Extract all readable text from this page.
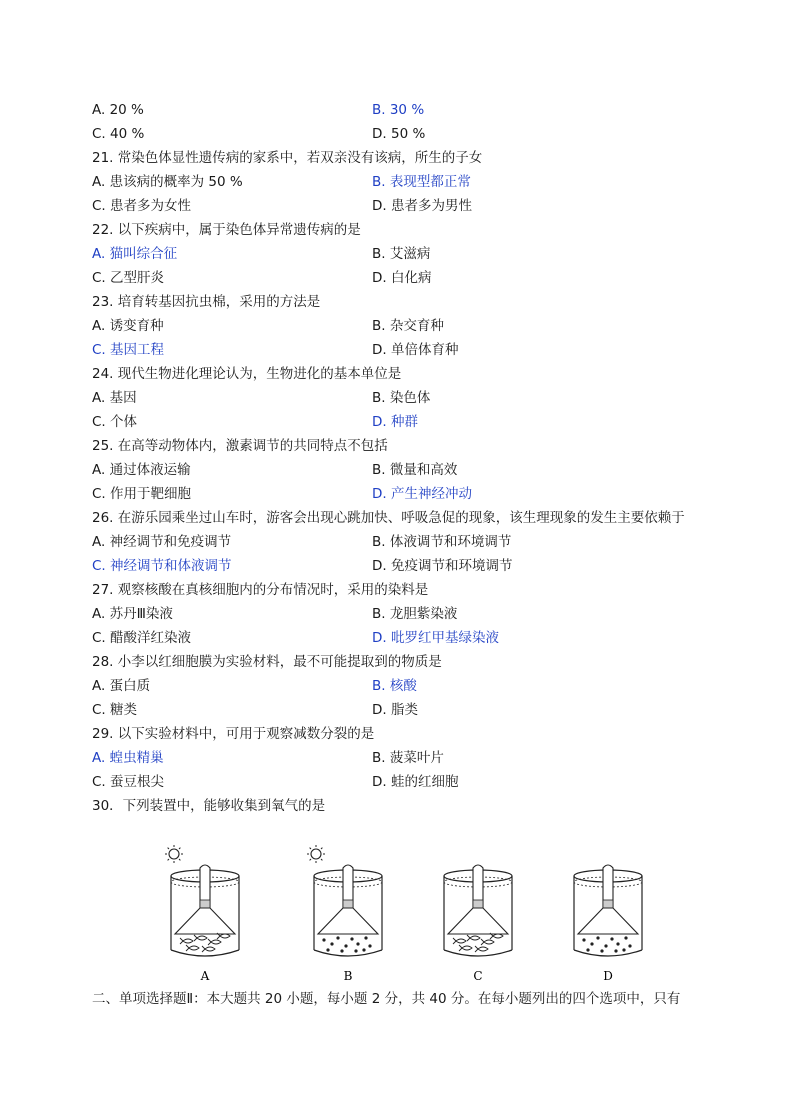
A. 20 %	B. 30 %
C. 40 %	D. 50 %
21. 常染色体显性遗传病的家系中，若双亲没有该病，所生的子女
A. 患该病的概率为 50 %	B. 表现型都正常
C. 患者多为女性	D. 患者多为男性
22. 以下疾病中，属于染色体异常遗传病的是
A. 猫叫综合征	B. 艾滋病
C. 乙型肝炎	D. 白化病
23. 培育转基因抗虫棉，采用的方法是
A. 诱变育种	B. 杂交育种
C. 基因工程	D. 单倍体育种
24. 现代生物进化理论认为，生物进化的基本单位是
A. 基因	B. 染色体
C. 个体	D. 种群
25. 在高等动物体内，激素调节的共同特点不包括
A. 通过体液运输	B. 微量和高效
C. 作用于靶细胞	D. 产生神经冲动
26. 在游乐园乘坐过山车时，游客会出现心跳加快、呼吸急促的现象，该生理现象的发生主要依赖于
A. 神经调节和免疫调节	B. 体液调节和环境调节
C. 神经调节和体液调节	D. 免疫调节和环境调节
27. 观察核酸在真核细胞内的分布情况时，采用的染料是
A. 苏丹Ⅲ染液	B. 龙胆紫染液
C. 醋酸洋红染液	D. 吡罗红甲基绿染液
28. 小李以红细胞膜为实验材料，最不可能提取到的物质是
A. 蛋白质	B. 核酸
C. 糖类	D. 脂类
29. 以下实验材料中，可用于观察减数分裂的是
A. 蝗虫精巢	B. 菠菜叶片
C. 蚕豆根尖	D. 蛙的红细胞
30．下列装置中，能够收集到氧气的是
A	B	C	D
二、单项选择题Ⅱ：本大题共 20 小题，每小题 2 分，共 40 分。在每小题列出的四个选项中，只有
